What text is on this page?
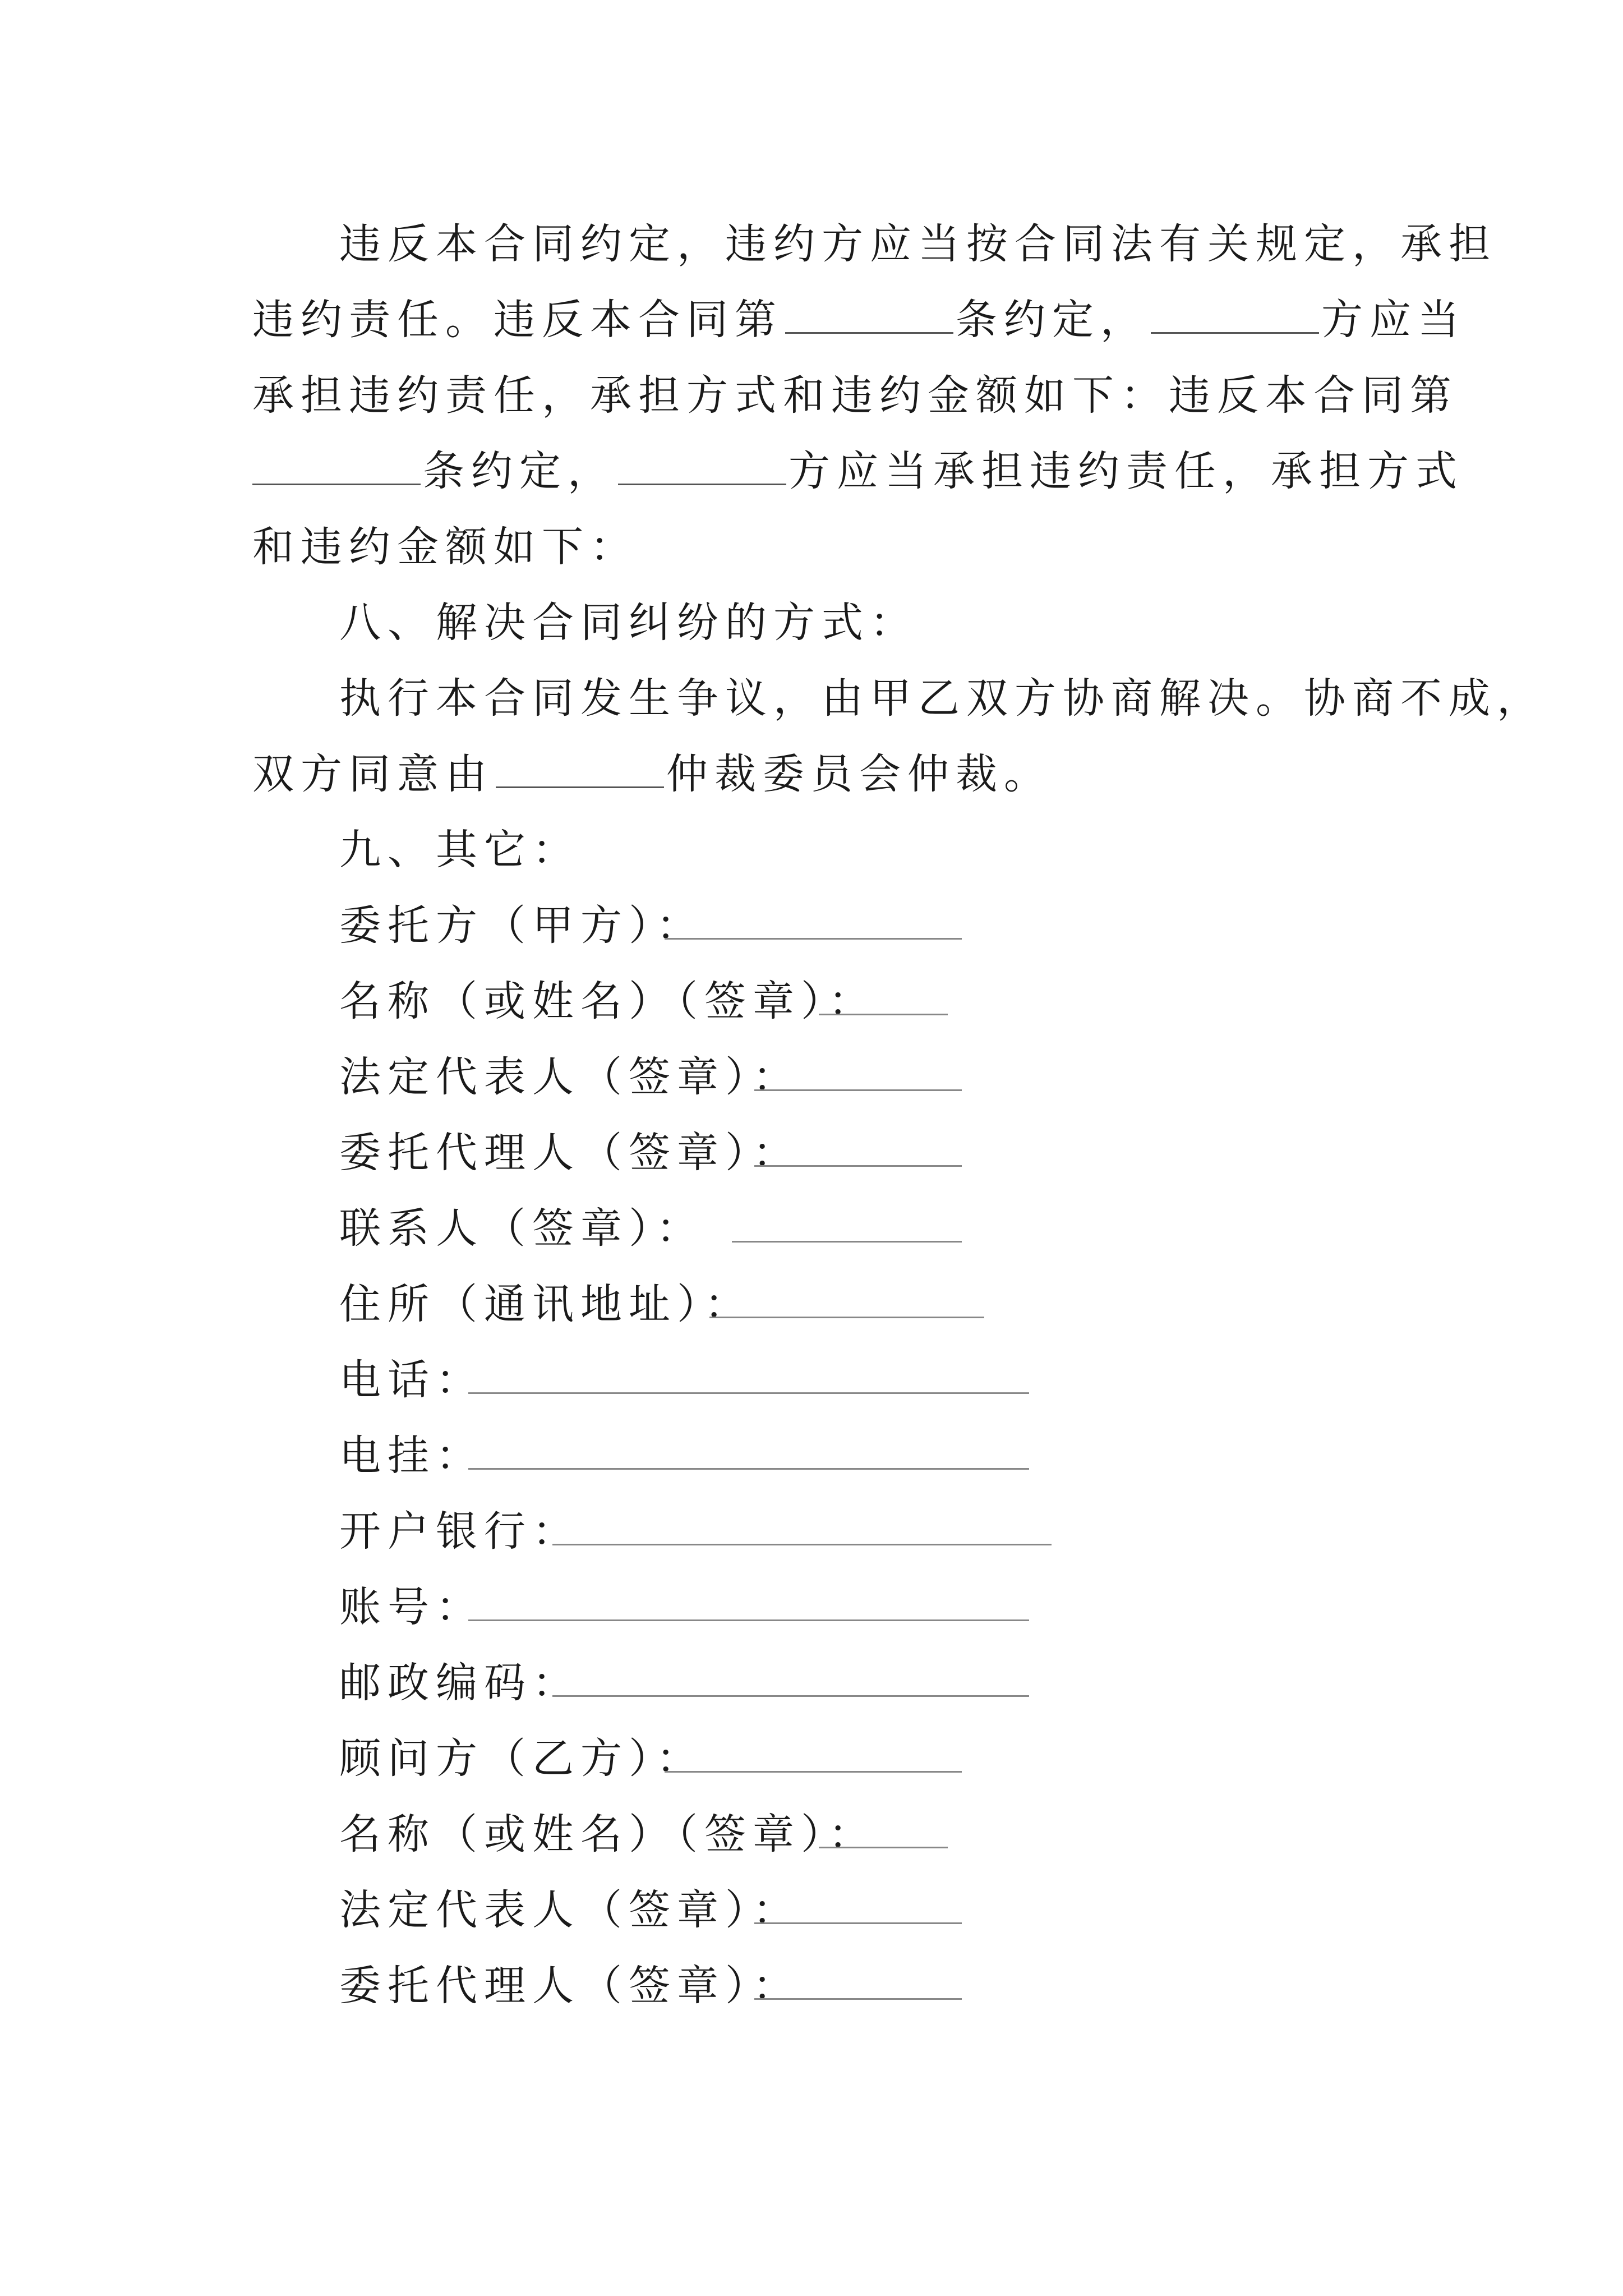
违反本合同约定，违约方应当按合同法有关规定，承担
违约责任。违反本合同第	条约定，	方应当
承担违约责任，承担方式和违约金额如下：违反本合同第
条约定，	方应当承担违约责任，承担方式
和违约金额如下：
八、解决合同纠纷的方式：
执行本合同发生争议，由甲乙双方协商解决。协商不成，
双方同意由	仲裁委员会仲裁。
九、其它：
委托方（甲方）：
名称（或姓名）（签章）：
法定代表人（签章）：
委托代理人（签章）：
联系人（签章）：
住所（通讯地址）：
电话：
电挂：
开户银行：
账号：
邮政编码：
顾问方（乙方）：
名称（或姓名）（签章）：
法定代表人（签章）：
委托代理人（签章）：
